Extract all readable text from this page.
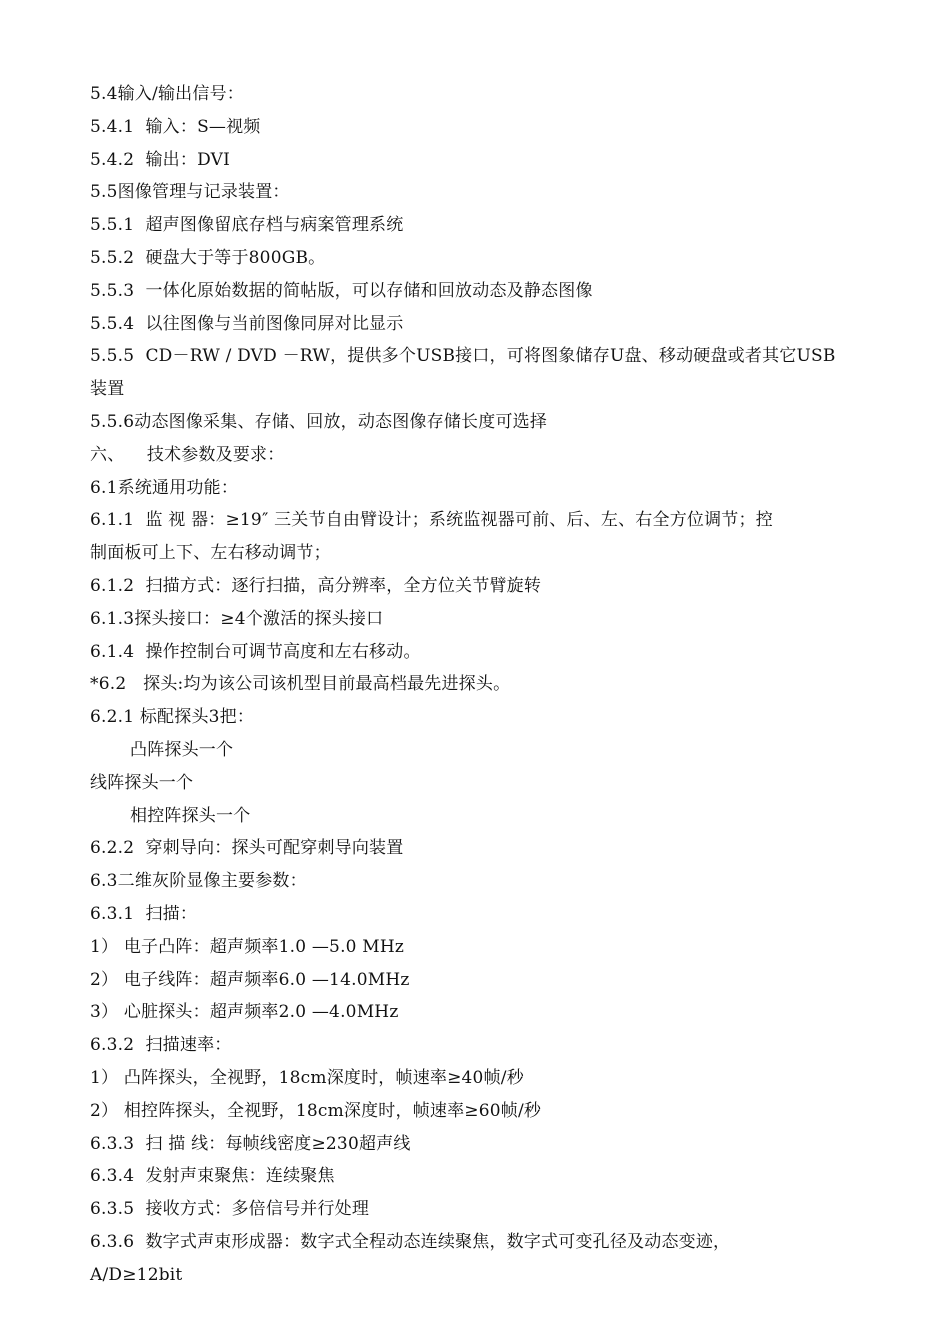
5.4输入/输出信号：
5.4.1  输入：S—视频
5.4.2  输出：DVI
5.5图像管理与记录装置：
5.5.1  超声图像留底存档与病案管理系统
5.5.2  硬盘大于等于800GB。
5.5.3  一体化原始数据的简帖版，可以存储和回放动态及静态图像
5.5.4  以往图像与当前图像同屏对比显示
5.5.5  CD－RW / DVD －RW，提供多个USB接口，可将图象储存U盘、移动硬盘或者其它USB
装置
5.5.6动态图像采集、存储、回放，动态图像存储长度可选择
六、    技术参数及要求：
6.1系统通用功能：
6.1.1  监 视 器：≥19″ 三关节自由臂设计；系统监视器可前、后、左、右全方位调节；控
制面板可上下、左右移动调节；
6.1.2  扫描方式：逐行扫描，高分辨率，全方位关节臂旋转
6.1.3探头接口：≥4个激活的探头接口
6.1.4  操作控制台可调节高度和左右移动。
*6.2   探头:均为该公司该机型目前最高档最先进探头。
6.2.1 标配探头3把：
凸阵探头一个
线阵探头一个
相控阵探头一个
6.2.2  穿刺导向：探头可配穿刺导向装置
6.3二维灰阶显像主要参数：
6.3.1  扫描：
1） 电子凸阵：超声频率1.0 —5.0 MHz
2） 电子线阵：超声频率6.0 —14.0MHz
3） 心脏探头：超声频率2.0 —4.0MHz
6.3.2  扫描速率：
1） 凸阵探头，全视野，18cm深度时，帧速率≥40帧/秒
2） 相控阵探头，全视野，18cm深度时，帧速率≥60帧/秒
6.3.3  扫 描 线：每帧线密度≥230超声线
6.3.4  发射声束聚焦：连续聚焦
6.3.5  接收方式：多倍信号并行处理
6.3.6  数字式声束形成器：数字式全程动态连续聚焦，数字式可变孔径及动态变迹，
A/D≥12bit
